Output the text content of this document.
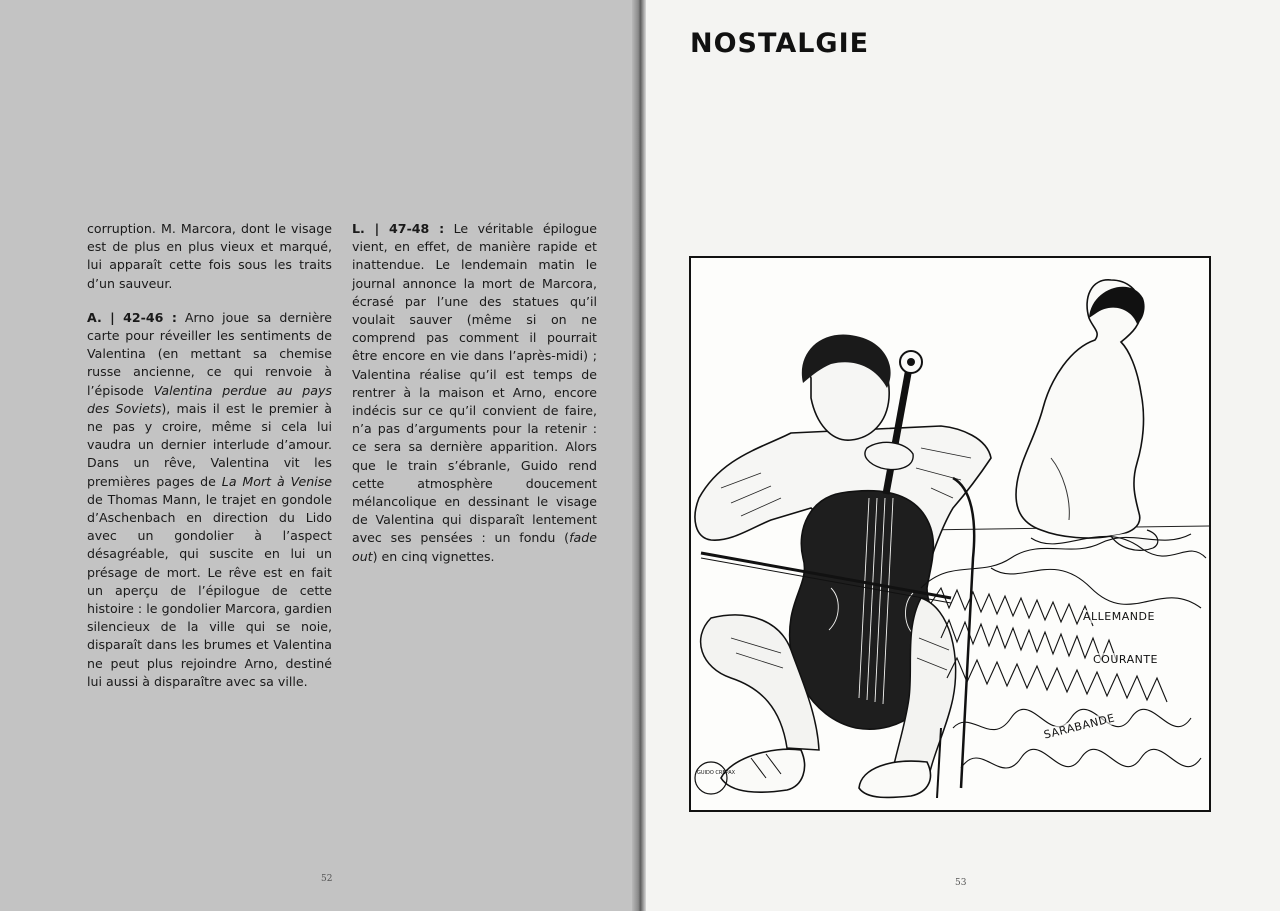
corruption. M. Marcora, dont le visage est de plus en plus vieux et marqué, lui apparaît cette fois sous les traits d’un sauveur.

A. | 42-46 : Arno joue sa dernière carte pour réveiller les sentiments de Valentina (en mettant sa chemise russe ancienne, ce qui renvoie à l’épisode Valentina perdue au pays des Soviets), mais il est le premier à ne pas y croire, même si cela lui vaudra un dernier interlude d’amour. Dans un rêve, Valentina vit les premières pages de La Mort à Venise de Thomas Mann, le trajet en gondole d’Aschenbach en direction du Lido avec un gondolier à l’aspect désagréable, qui suscite en lui un présage de mort. Le rêve est en fait un aperçu de l’épilogue de cette histoire : le gondolier Marcora, gardien silencieux de la ville qui se noie, disparaît dans les brumes et Valentina ne peut plus rejoindre Arno, destiné lui aussi à disparaître avec sa ville.

L. | 47-48 : Le véritable épilogue vient, en effet, de manière rapide et inattendue. Le lendemain matin le journal annonce la mort de Marcora, écrasé par l’une des statues qu’il voulait sauver (même si on ne comprend pas comment il pourrait être encore en vie dans l’après-midi) ; Valentina réalise qu’il est temps de rentrer à la maison et Arno, encore indécis sur ce qu’il convient de faire, n’a pas d’arguments pour la retenir : ce sera sa dernière apparition. Alors que le train s’ébranle, Guido rend cette atmosphère doucement mélancolique en dessinant le visage de Valentina qui disparaît lentement avec ses pensées : un fondu (fade out) en cinq vignettes.

52	53
NOSTALGIE
ALLEMANDE
COURANTE
SARABANDE
GUIDO CREPAX
